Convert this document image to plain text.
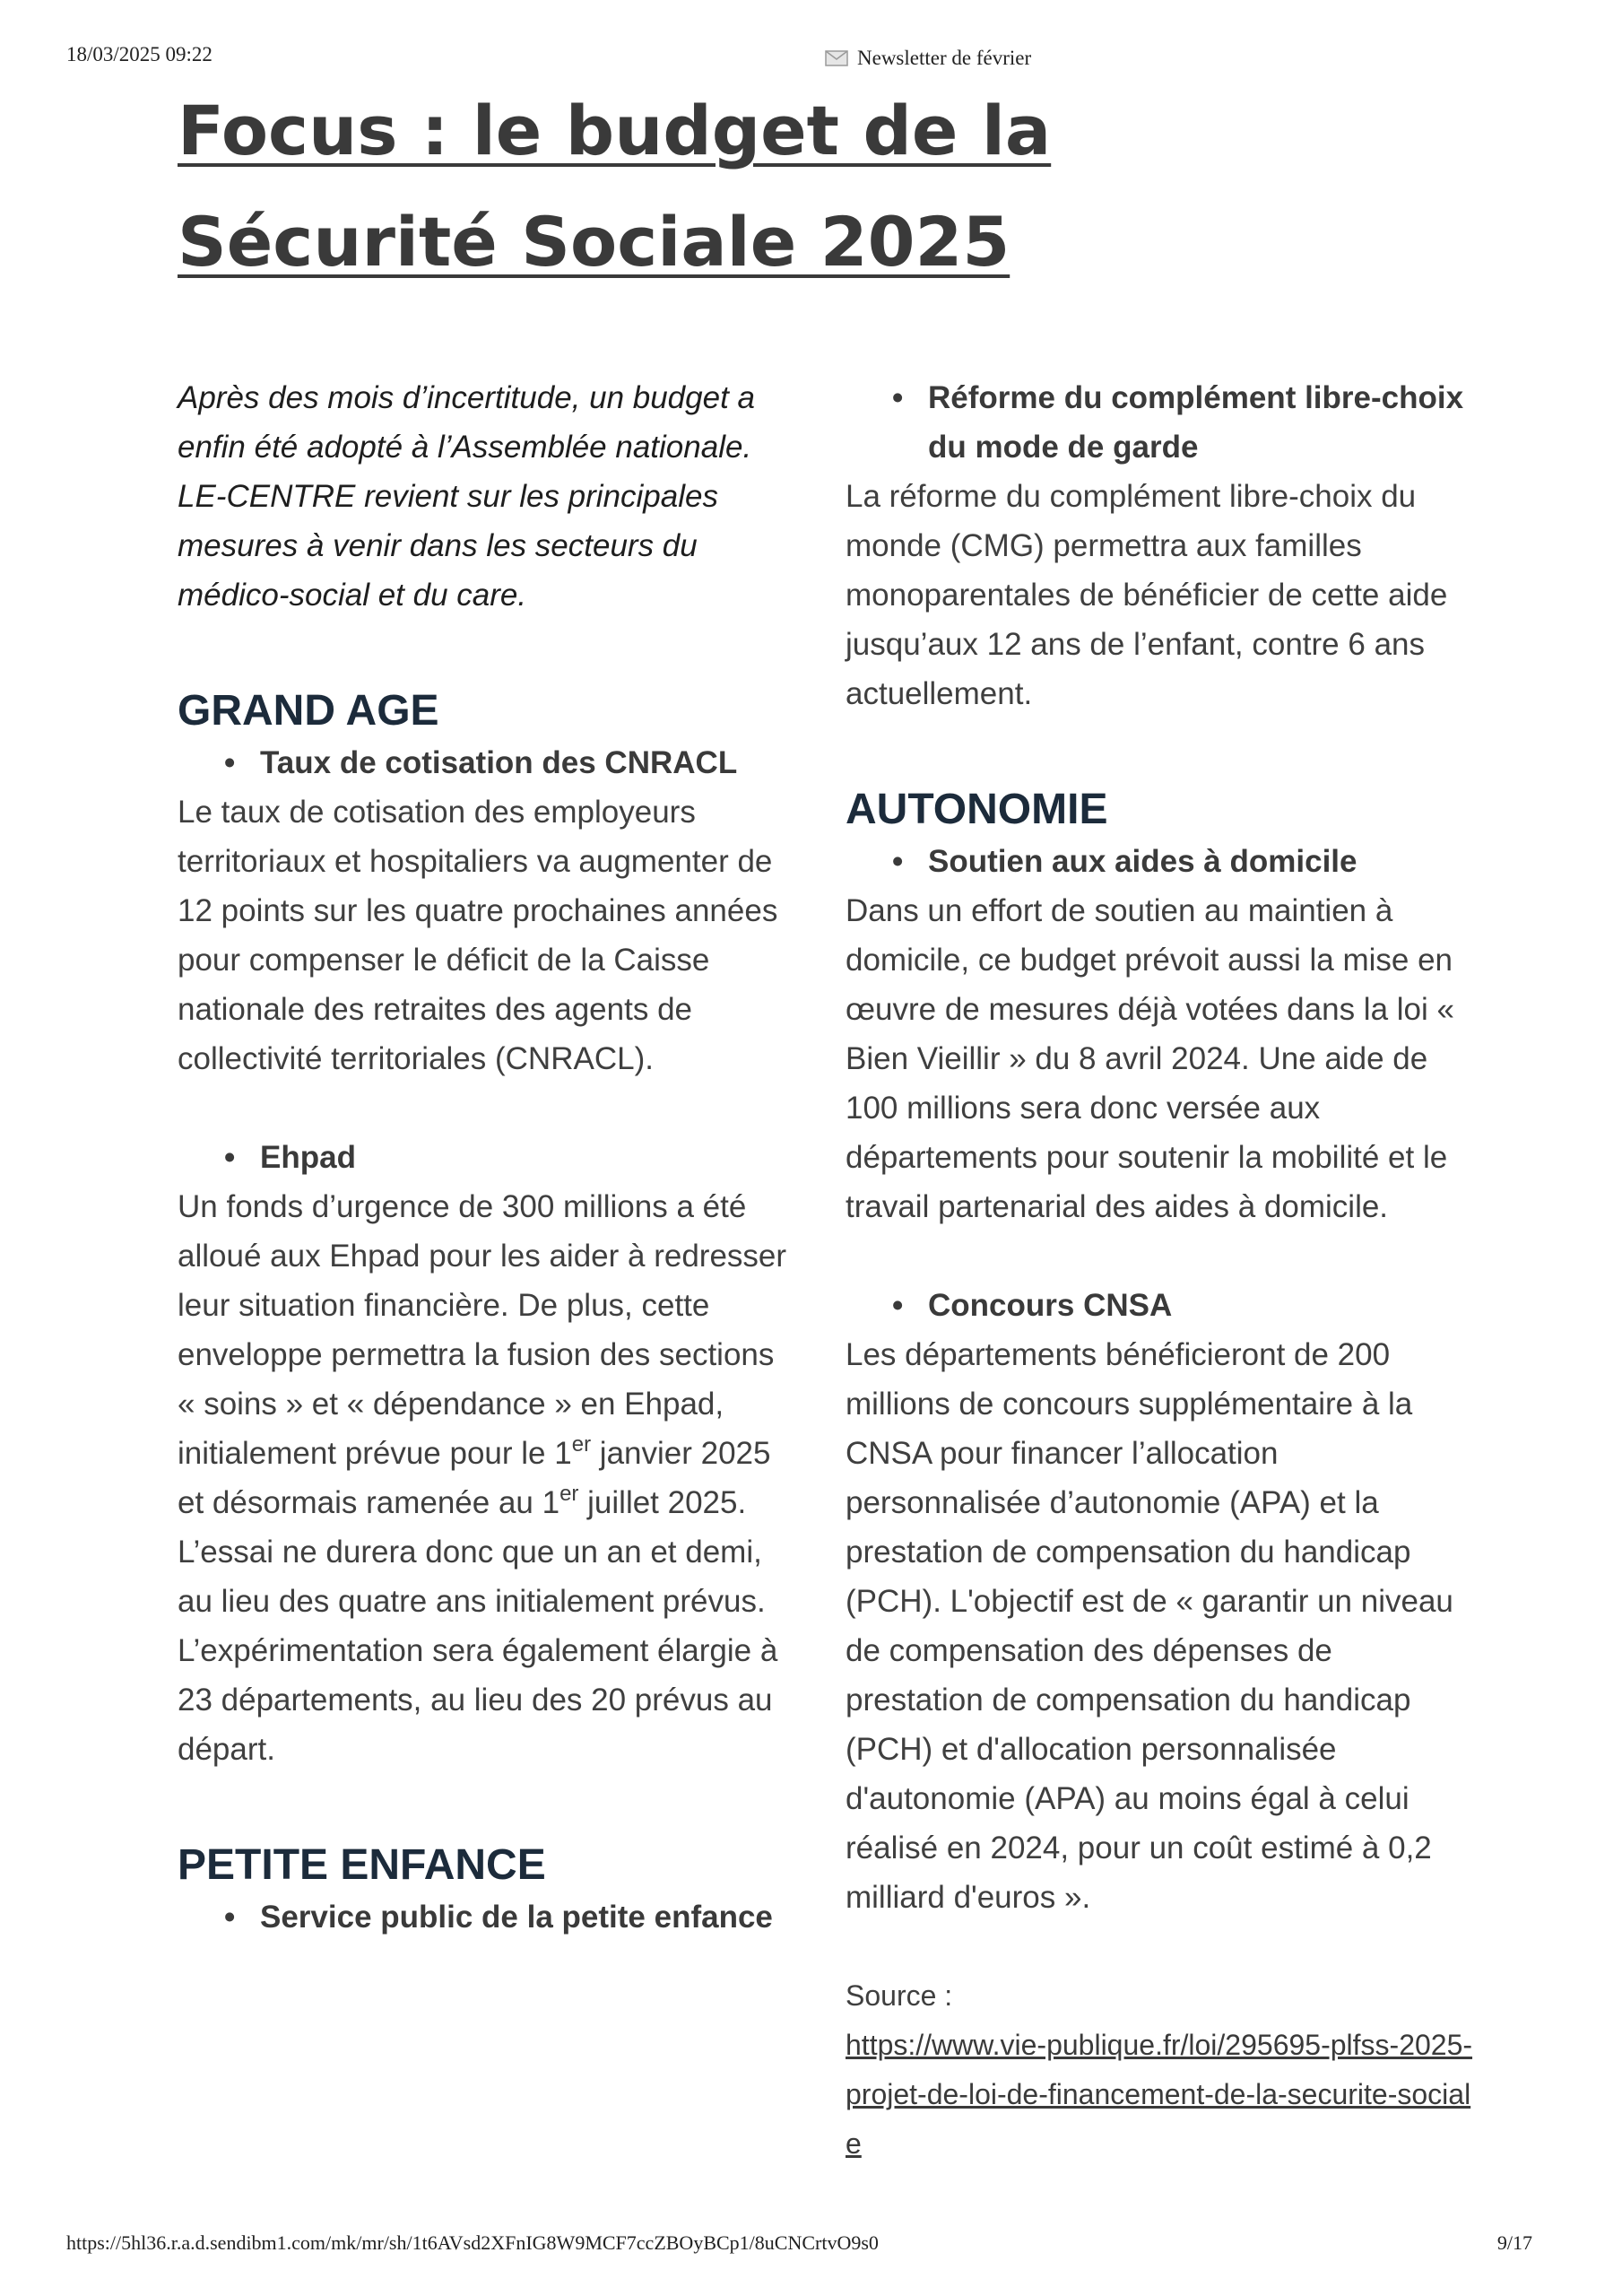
18/03/2025 09:22	Newsletter de février
Focus : le budget de la Sécurité Sociale 2025

Après des mois d’incertitude, un budget a enfin été adopté à l’Assemblée nationale. LE-CENTRE revient sur les principales mesures à venir dans les secteurs du médico-social et du care.

GRAND AGE

• Taux de cotisation des CNRACL

Le taux de cotisation des employeurs territoriaux et hospitaliers va augmenter de 12 points sur les quatre prochaines années pour compenser le déficit de la Caisse nationale des retraites des agents de collectivité territoriales (CNRACL).

• Ehpad

Un fonds d’urgence de 300 millions a été alloué aux Ehpad pour les aider à redresser leur situation financière. De plus, cette enveloppe permettra la fusion des sections « soins » et « dépendance » en Ehpad, initialement prévue pour le 1er janvier 2025 et désormais ramenée au 1er juillet 2025. L’essai ne durera donc que un an et demi, au lieu des quatre ans initialement prévus. L’expérimentation sera également élargie à 23 départements, au lieu des 20 prévus au départ.

PETITE ENFANCE

• Service public de la petite enfance

• Réforme du complément libre-choix du mode de garde

La réforme du complément libre-choix du monde (CMG) permettra aux familles monoparentales de bénéficier de cette aide jusqu’aux 12 ans de l’enfant, contre 6 ans actuellement.

AUTONOMIE

• Soutien aux aides à domicile

Dans un effort de soutien au maintien à domicile, ce budget prévoit aussi la mise en œuvre de mesures déjà votées dans la loi « Bien Vieillir » du 8 avril 2024. Une aide de 100 millions sera donc versée aux départements pour soutenir la mobilité et le travail partenarial des aides à domicile.

• Concours CNSA

Les départements bénéficieront de 200 millions de concours supplémentaire à la CNSA pour financer l’allocation personnalisée d’autonomie (APA) et la prestation de compensation du handicap (PCH). L'objectif est de « garantir un niveau de compensation des dépenses de prestation de compensation du handicap (PCH) et d'allocation personnalisée d'autonomie (APA) au moins égal à celui réalisé en 2024, pour un coût estimé à 0,2 milliard d'euros ».

Source :
https://www.vie-publique.fr/loi/295695-plfss-2025-projet-de-loi-de-financement-de-la-securite-sociale

https://5hl36.r.a.d.sendibm1.com/mk/mr/sh/1t6AVsd2XFnIG8W9MCF7ccZBOyBCp1/8uCNCrtvO9s0	9/17
